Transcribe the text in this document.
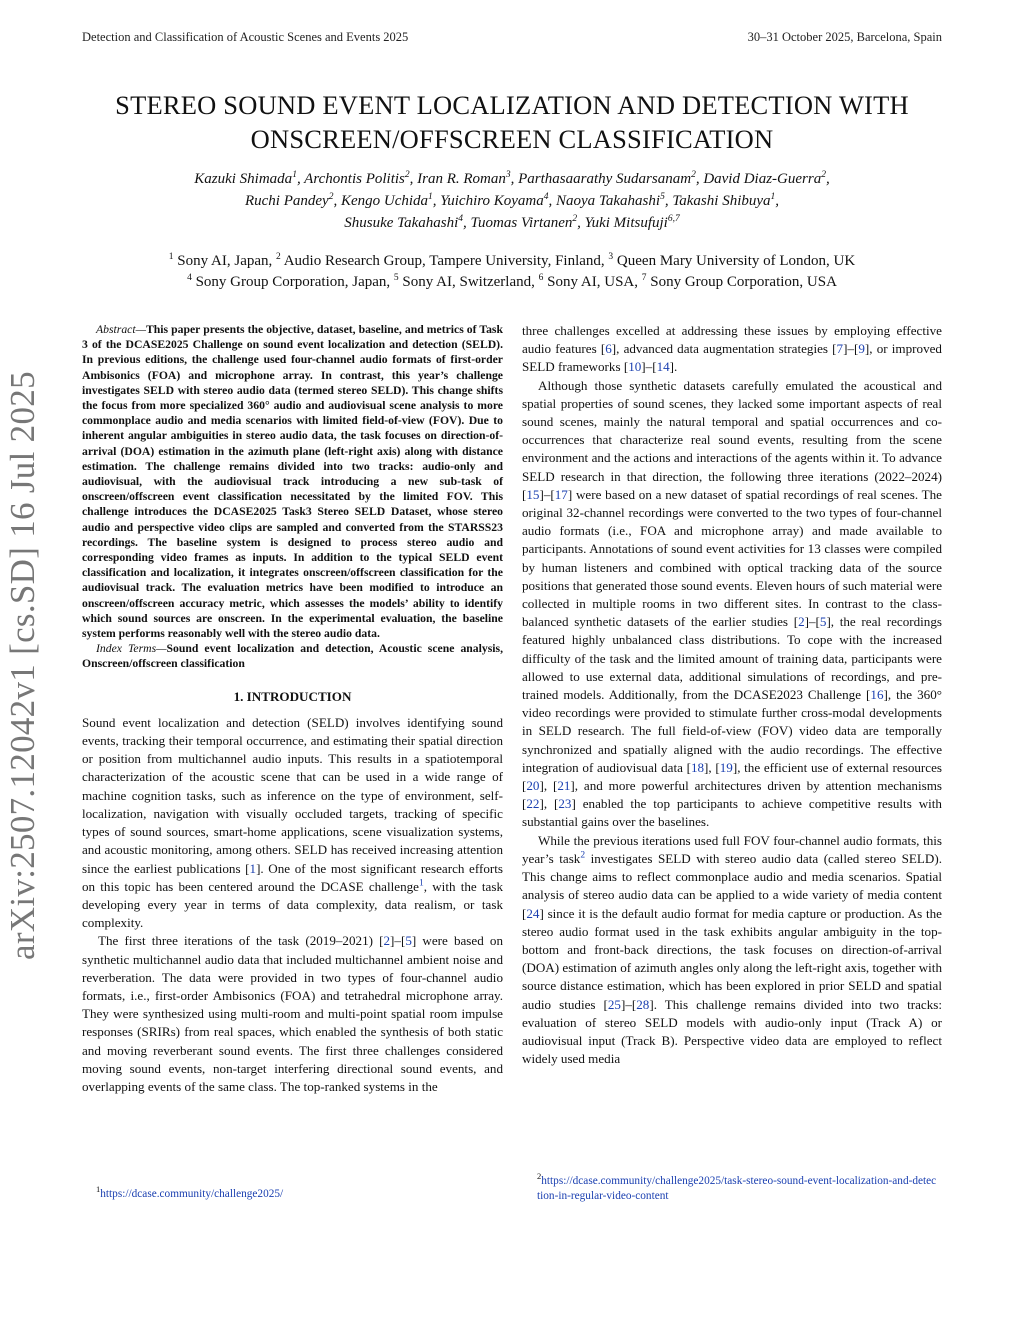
Detection and Classification of Acoustic Scenes and Events 2025	30–31 October 2025, Barcelona, Spain
arXiv:2507.12042v1 [cs.SD] 16 Jul 2025
STEREO SOUND EVENT LOCALIZATION AND DETECTION WITH
ONSCREEN/OFFSCREEN CLASSIFICATION
Kazuki Shimada$^1$, Archontis Politis$^2$, Iran R. Roman$^3$, Parthasaarathy Sudarsanam$^2$, David Diaz-Guerra$^2$,
Ruchi Pandey$^2$, Kengo Uchida$^1$, Yuichiro Koyama$^4$, Naoya Takahashi$^5$, Takashi Shibuya$^1$,
Shusuke Takahashi$^4$, Tuomas Virtanen$^2$, Yuki Mitsufuji$^{6,7}$
$^1$ Sony AI, Japan, $^2$ Audio Research Group, Tampere University, Finland, $^3$ Queen Mary University of London, UK
$^4$ Sony Group Corporation, Japan, $^5$ Sony AI, Switzerland, $^6$ Sony AI, USA, $^7$ Sony Group Corporation, USA

Abstract—This paper presents the objective, dataset, baseline, and metrics of Task 3 of the DCASE2025 Challenge on sound event localization and detection (SELD). In previous editions, the challenge used four-channel audio formats of first-order Ambisonics (FOA) and microphone array. In contrast, this year’s challenge investigates SELD with stereo audio data (termed stereo SELD). This change shifts the focus from more specialized 360° audio and audiovisual scene analysis to more commonplace audio and media scenarios with limited field-of-view (FOV). Due to inherent angular ambiguities in stereo audio data, the task focuses on direction-of-arrival (DOA) estimation in the azimuth plane (left-right axis) along with distance estimation. The challenge remains divided into two tracks: audio-only and audiovisual, with the audiovisual track introducing a new sub-task of onscreen/offscreen event classification necessitated by the limited FOV. This challenge introduces the DCASE2025 Task3 Stereo SELD Dataset, whose stereo audio and perspective video clips are sampled and converted from the STARSS23 recordings. The baseline system is designed to process stereo audio and corresponding video frames as inputs. In addition to the typical SELD event classification and localization, it integrates onscreen/offscreen classification for the audiovisual track. The evaluation metrics have been modified to introduce an onscreen/offscreen accuracy metric, which assesses the models’ ability to identify which sound sources are onscreen. In the experimental evaluation, the baseline system performs reasonably well with the stereo audio data.

Index Terms—Sound event localization and detection, Acoustic scene analysis, Onscreen/offscreen classification

1. INTRODUCTION

Sound event localization and detection (SELD) involves identifying sound events, tracking their temporal occurrence, and estimating their spatial direction or position from multichannel audio inputs. This results in a spatiotemporal characterization of the acoustic scene that can be used in a wide range of machine cognition tasks, such as inference on the type of environment, self-localization, navigation with visually occluded targets, tracking of specific types of sound sources, smart-home applications, scene visualization systems, and acoustic monitoring, among others. SELD has received increasing attention since the earliest publications [1]. One of the most significant research efforts on this topic has been centered around the DCASE challenge$^1$, with the task developing every year in terms of data complexity, data realism, or task complexity.

The first three iterations of the task (2019–2021) [2]–[5] were based on synthetic multichannel audio data that included multichannel ambient noise and reverberation. The data were provided in two types of four-channel audio formats, i.e., first-order Ambisonics (FOA) and tetrahedral microphone array. They were synthesized using multi-room and multi-point spatial room impulse responses (SRIRs) from real spaces, which enabled the synthesis of both static and moving reverberant sound events. The first three challenges considered moving sound events, non-target interfering directional sound events, and overlapping events of the same class. The top-ranked systems in the

three challenges excelled at addressing these issues by employing effective audio features [6], advanced data augmentation strategies [7]–[9], or improved SELD frameworks [10]–[14].

Although those synthetic datasets carefully emulated the acoustical and spatial properties of sound scenes, they lacked some important aspects of real sound scenes, mainly the natural temporal and spatial occurrences and co-occurrences that characterize real sound events, resulting from the scene environment and the actions and interactions of the agents within it. To advance SELD research in that direction, the following three iterations (2022–2024) [15]–[17] were based on a new dataset of spatial recordings of real scenes. The original 32-channel recordings were converted to the two types of four-channel audio formats (i.e., FOA and microphone array) and made available to participants. Annotations of sound event activities for 13 classes were compiled by human listeners and combined with optical tracking data of the source positions that generated those sound events. Eleven hours of such material were collected in multiple rooms in two different sites. In contrast to the class-balanced synthetic datasets of the earlier studies [2]–[5], the real recordings featured highly unbalanced class distributions. To cope with the increased difficulty of the task and the limited amount of training data, participants were allowed to use external data, additional simulations of recordings, and pre-trained models. Additionally, from the DCASE2023 Challenge [16], the 360° video recordings were provided to stimulate further cross-modal developments in SELD research. The full field-of-view (FOV) video data are temporally synchronized and spatially aligned with the audio recordings. The effective integration of audiovisual data [18], [19], the efficient use of external resources [20], [21], and more powerful architectures driven by attention mechanisms [22], [23] enabled the top participants to achieve competitive results with substantial gains over the baselines.

While the previous iterations used full FOV four-channel audio formats, this year’s task$^2$ investigates SELD with stereo audio data (called stereo SELD). This change aims to reflect commonplace audio and media scenarios. Spatial analysis of stereo audio data can be applied to a wide variety of media content [24] since it is the default audio format for media capture or production. As the stereo audio format used in the task exhibits angular ambiguity in the top-bottom and front-back directions, the task focuses on direction-of-arrival (DOA) estimation of azimuth angles only along the left-right axis, together with source distance estimation, which has been explored in prior SELD and spatial audio studies [25]–[28]. This challenge remains divided into two tracks: evaluation of stereo SELD models with audio-only input (Track A) or audiovisual input (Track B). Perspective video data are employed to reflect widely used media

$^1$https://dcase.community/challenge2025/
$^2$https://dcase.community/challenge2025/task-stereo-sound-event-localization-and-detection-in-regular-video-content
